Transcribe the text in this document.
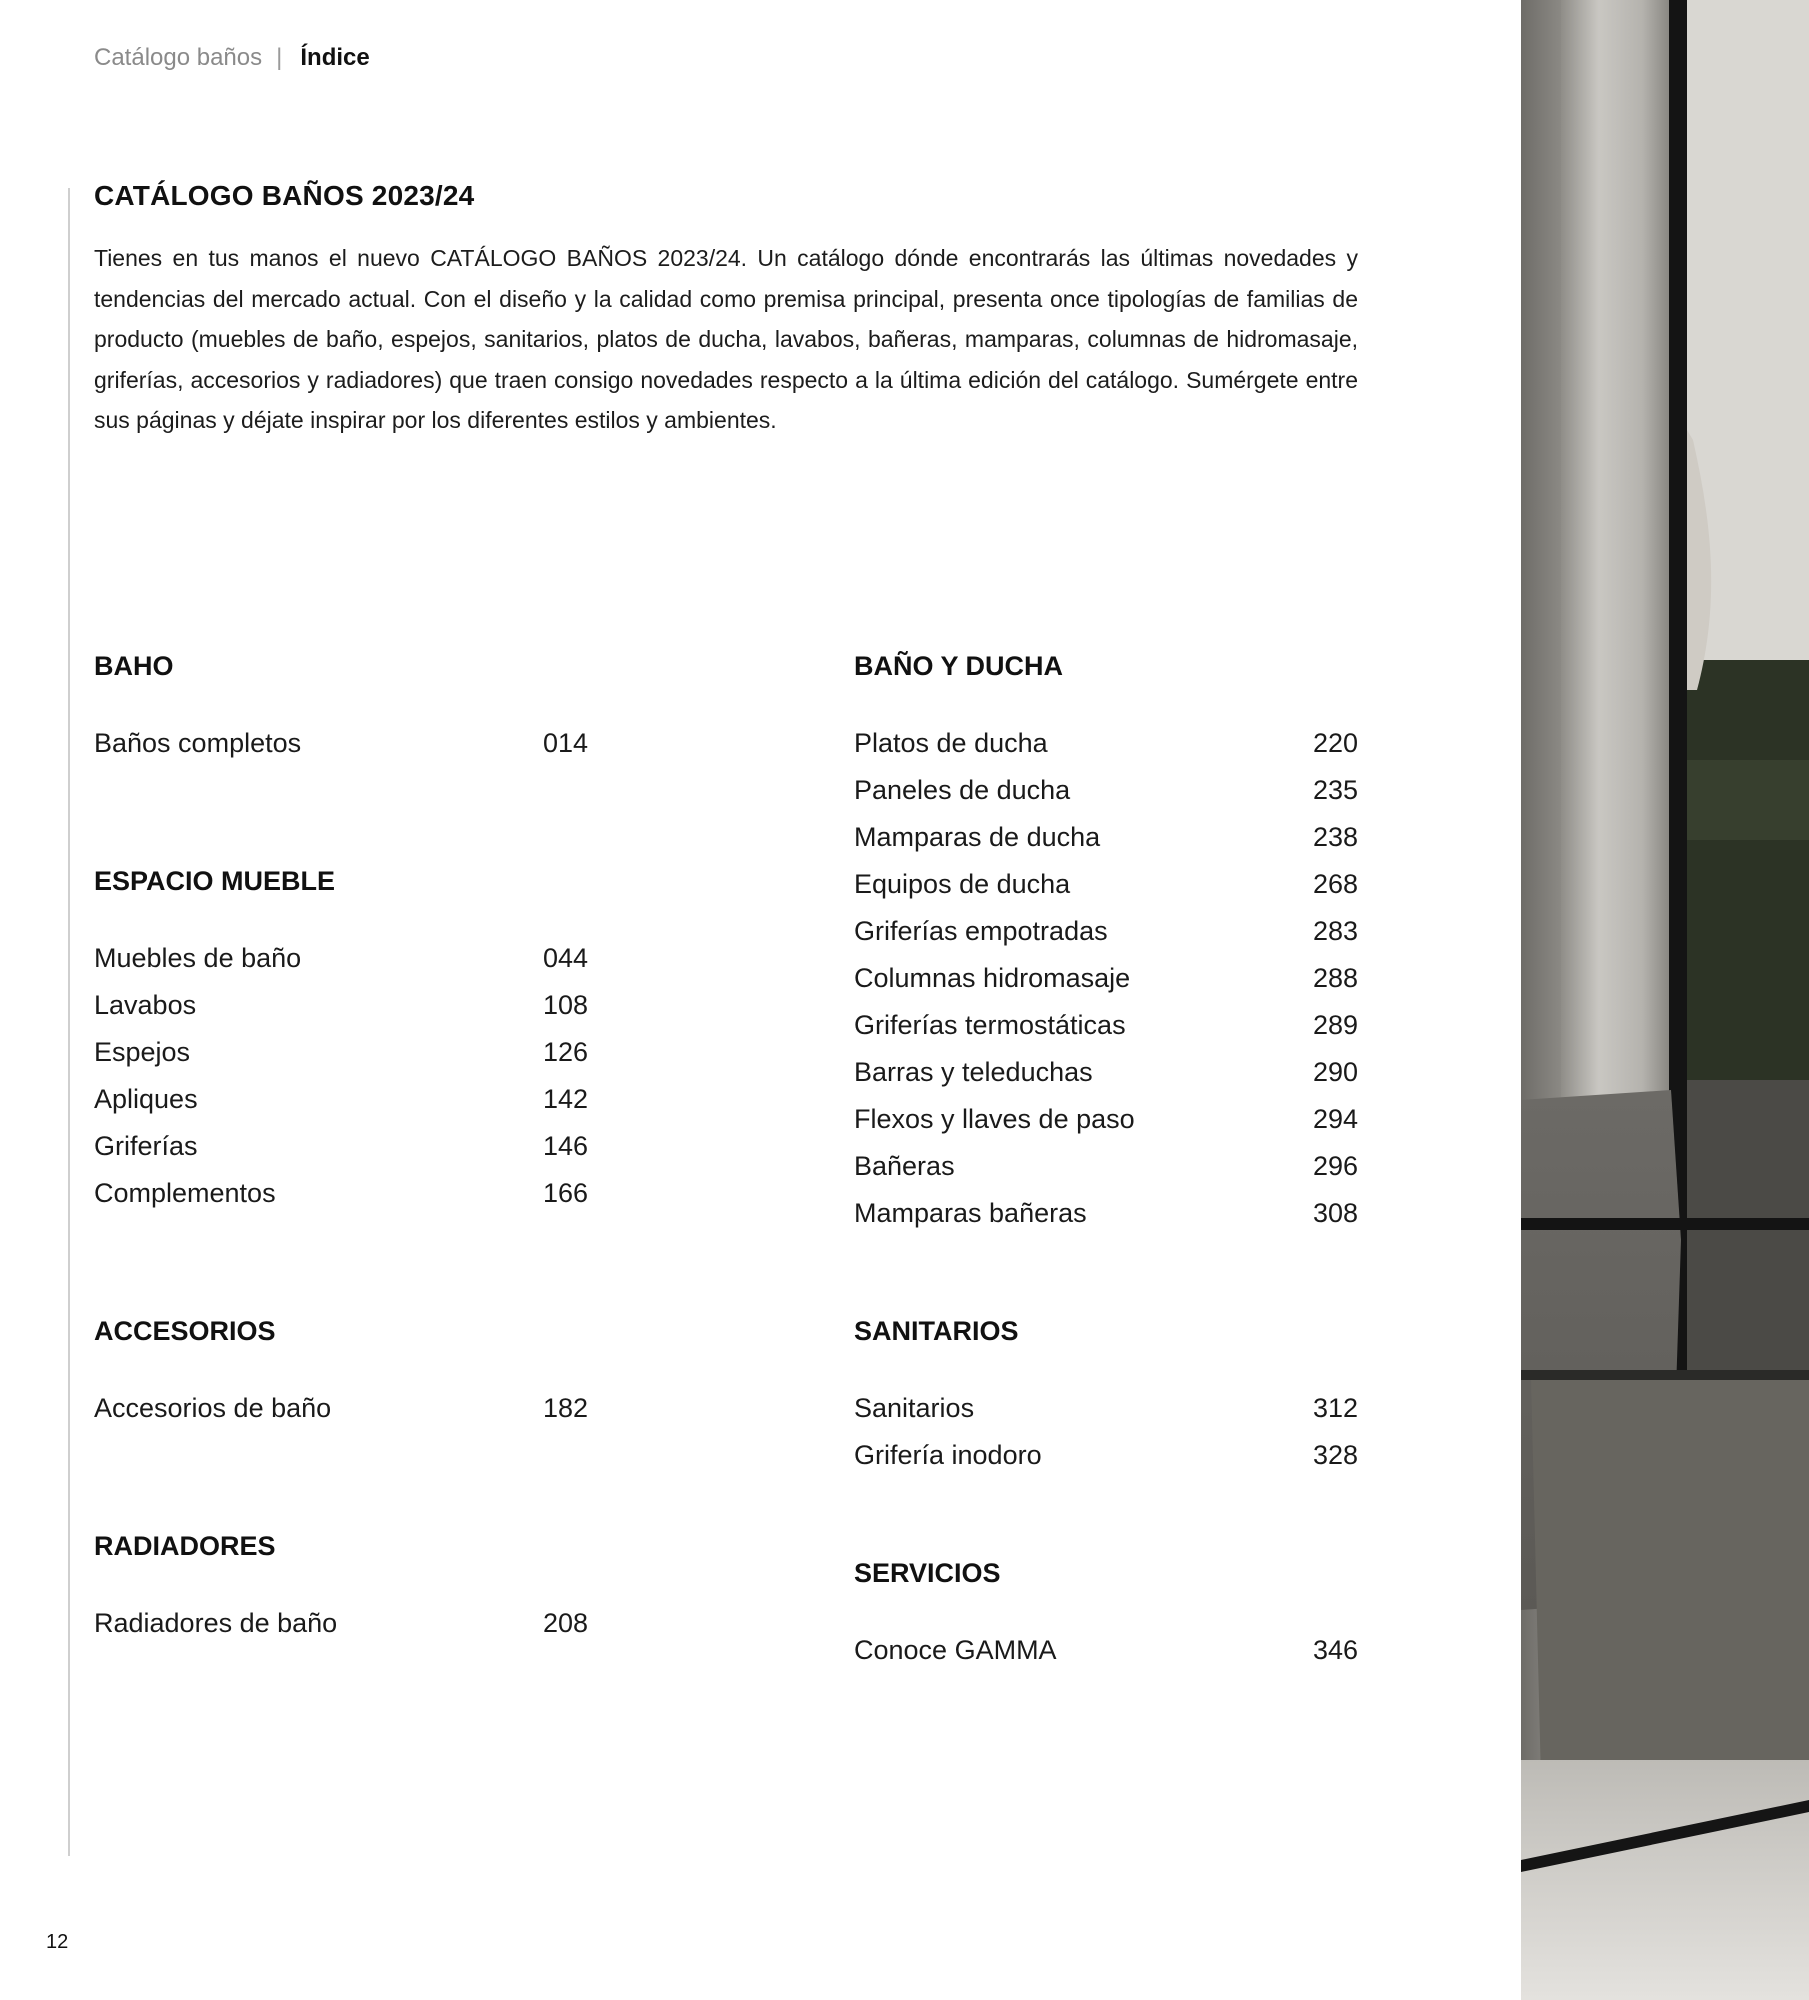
Catálogo baños | Índice
CATÁLOGO BAÑOS 2023/24

Tienes en tus manos el nuevo CATÁLOGO BAÑOS 2023/24. Un catálogo dónde encontrarás las últimas novedades y tendencias del mercado actual. Con el diseño y la calidad como premisa principal, presenta once tipologías de familias de producto (muebles de baño, espejos, sanitarios, platos de ducha, lavabos, bañeras, mamparas, columnas de hidromasaje, griferías, accesorios y radiadores) que traen consigo novedades respecto a la última edición del catálogo. Sumérgete entre sus páginas y déjate inspirar por los diferentes estilos y ambientes.

BAHO
Baños completos	014
ESPACIO MUEBLE
Muebles de baño	044
Lavabos	108
Espejos	126
Apliques	142
Griferías	146
Complementos	166
ACCESORIOS
Accesorios de baño	182
RADIADORES
Radiadores de baño	208
BAÑO Y DUCHA
Platos de ducha	220
Paneles de ducha	235
Mamparas de ducha	238
Equipos de ducha	268
Griferías empotradas	283
Columnas hidromasaje	288
Griferías termostáticas	289
Barras y teleduchas	290
Flexos y llaves de paso	294
Bañeras	296
Mamparas bañeras	308
SANITARIOS
Sanitarios	312
Grifería inodoro	328
SERVICIOS
Conoce GAMMA	346
12
